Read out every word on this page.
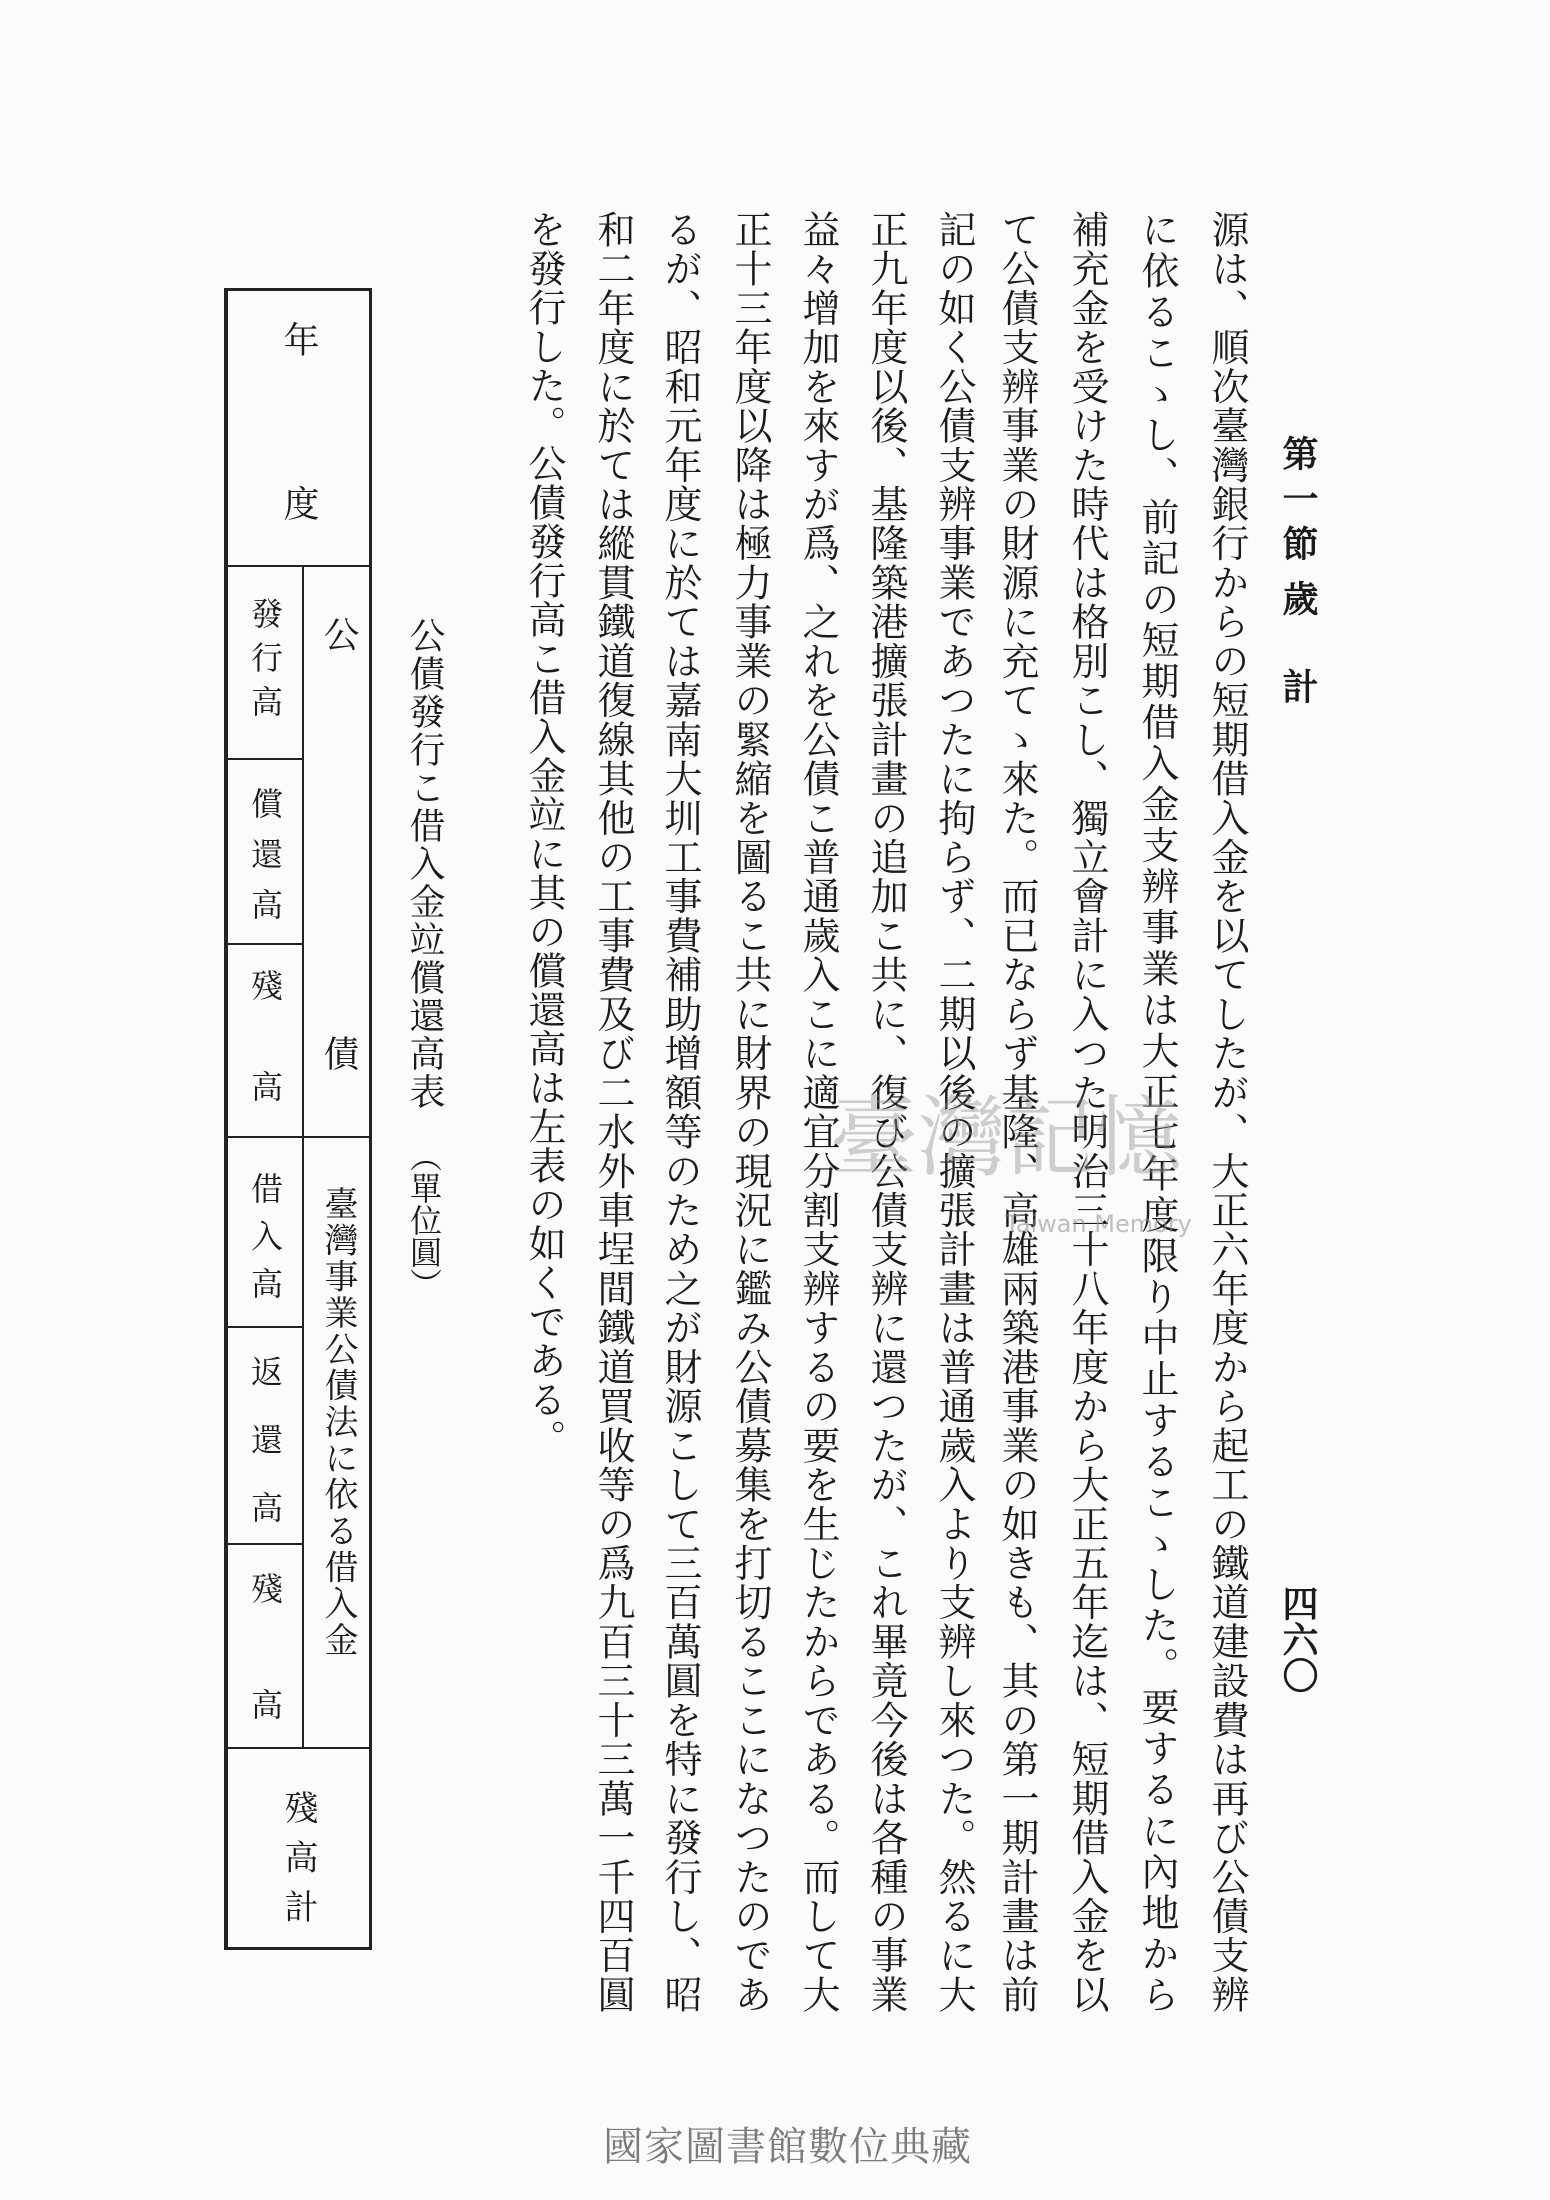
第一節
歲計
四六〇
源は、順次臺灣銀行からの短期借入金を以てしたが、大正六年度から起工の鐵道建設費は再び公債支辨
に依るこゝし、前記の短期借入金支辨事業は大正七年度限り中止するこゝした。要するに內地から
補充金を受けた時代は格別こし、獨立會計に入つた明治三十八年度から大正五年迄は、短期借入金を以
て公債支辨事業の財源に充てゝ來た。而已ならず基隆、高雄兩築港事業の如きも、其の第一期計畫は前
記の如く公債支辨事業であつたに拘らず、二期以後の擴張計畫は普通歲入より支辨し來つた。然るに大
正九年度以後、基隆築港擴張計畫の追加こ共に、復び公債支辨に還つたが、これ畢竟今後は各種の事業
益々增加を來すが爲、之れを公債こ普通歲入こに適宜分割支辨するの要を生じたからである。而して大
正十三年度以降は極力事業の緊縮を圖るこ共に財界の現況に鑑み公債募集を打切るここになつたのであ
るが、昭和元年度に於ては嘉南大圳工事費補助增額等のため之が財源こして三百萬圓を特に發行し、昭
和二年度に於ては縱貫鐵道復線其他の工事費及び二水外車埕間鐵道買收等の爲九百三十三萬一千四百圓
を發行した。公債發行高こ借入金竝に其の償還高は左表の如くである。
公債發行こ借入金竝償還高表
（單位圓）
年度
公債
發行高
償還高
殘高
臺灣事業公債法に依る借入金
借入高
返還高
殘高
殘高計
臺灣記憶
Taiwan Memory
國家圖書館數位典藏
